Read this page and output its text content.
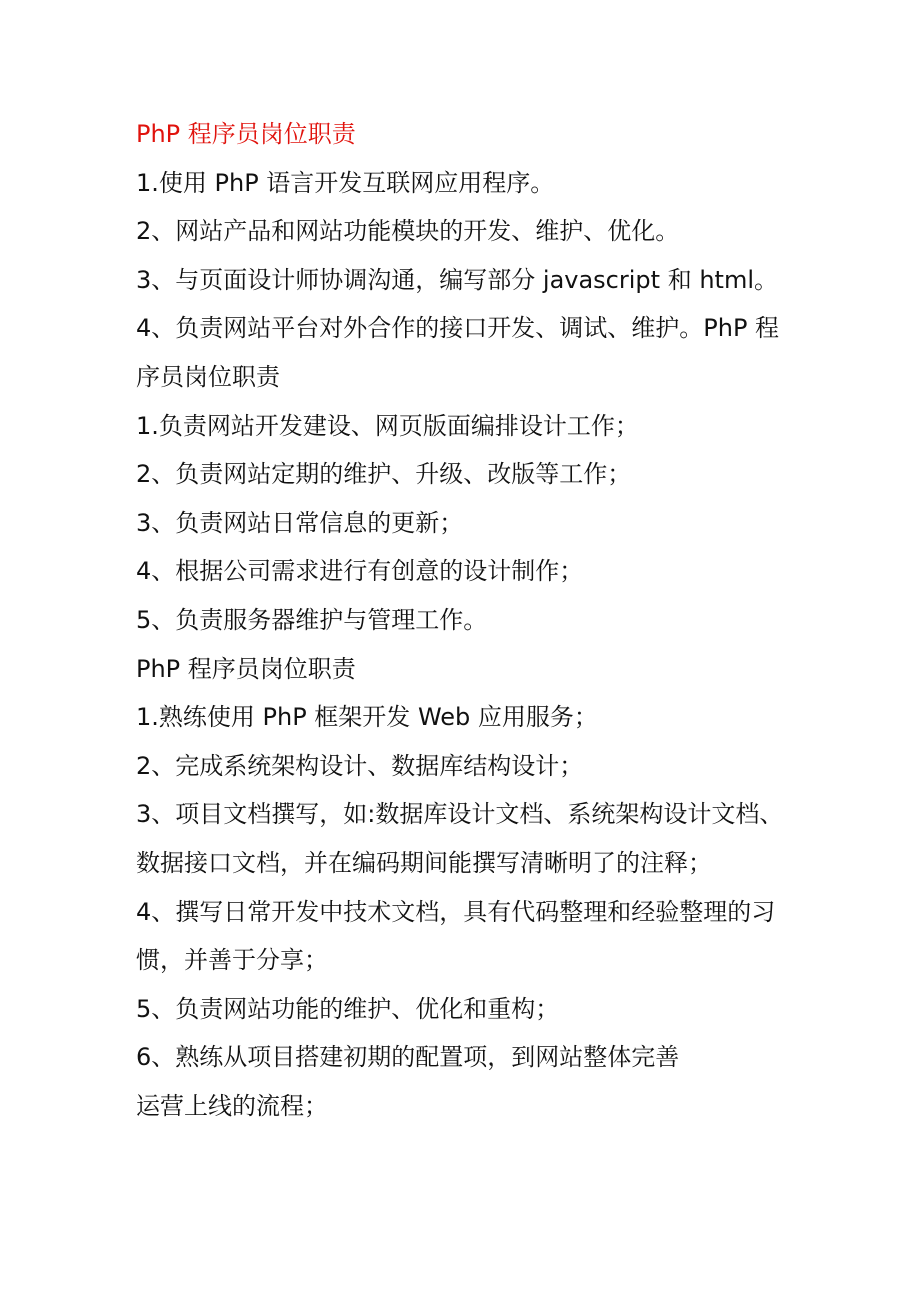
PhP 程序员岗位职责
1.使用 PhP 语言开发互联网应用程序。
2、网站产品和网站功能模块的开发、维护、优化。
3、与页面设计师协调沟通，编写部分 javascript 和 html。
4、负责网站平台对外合作的接口开发、调试、维护。PhP 程
序员岗位职责
1.负责网站开发建设、网页版面编排设计工作；
2、负责网站定期的维护、升级、改版等工作；
3、负责网站日常信息的更新；
4、根据公司需求进行有创意的设计制作；
5、负责服务器维护与管理工作。
PhP 程序员岗位职责
1.熟练使用 PhP 框架开发 Web 应用服务；
2、完成系统架构设计、数据库结构设计；
3、项目文档撰写，如:数据库设计文档、系统架构设计文档、
数据接口文档，并在编码期间能撰写清晰明了的注释；
4、撰写日常开发中技术文档，具有代码整理和经验整理的习
惯，并善于分享；
5、负责网站功能的维护、优化和重构；
6、熟练从项目搭建初期的配置项，到网站整体完善
运营上线的流程；
